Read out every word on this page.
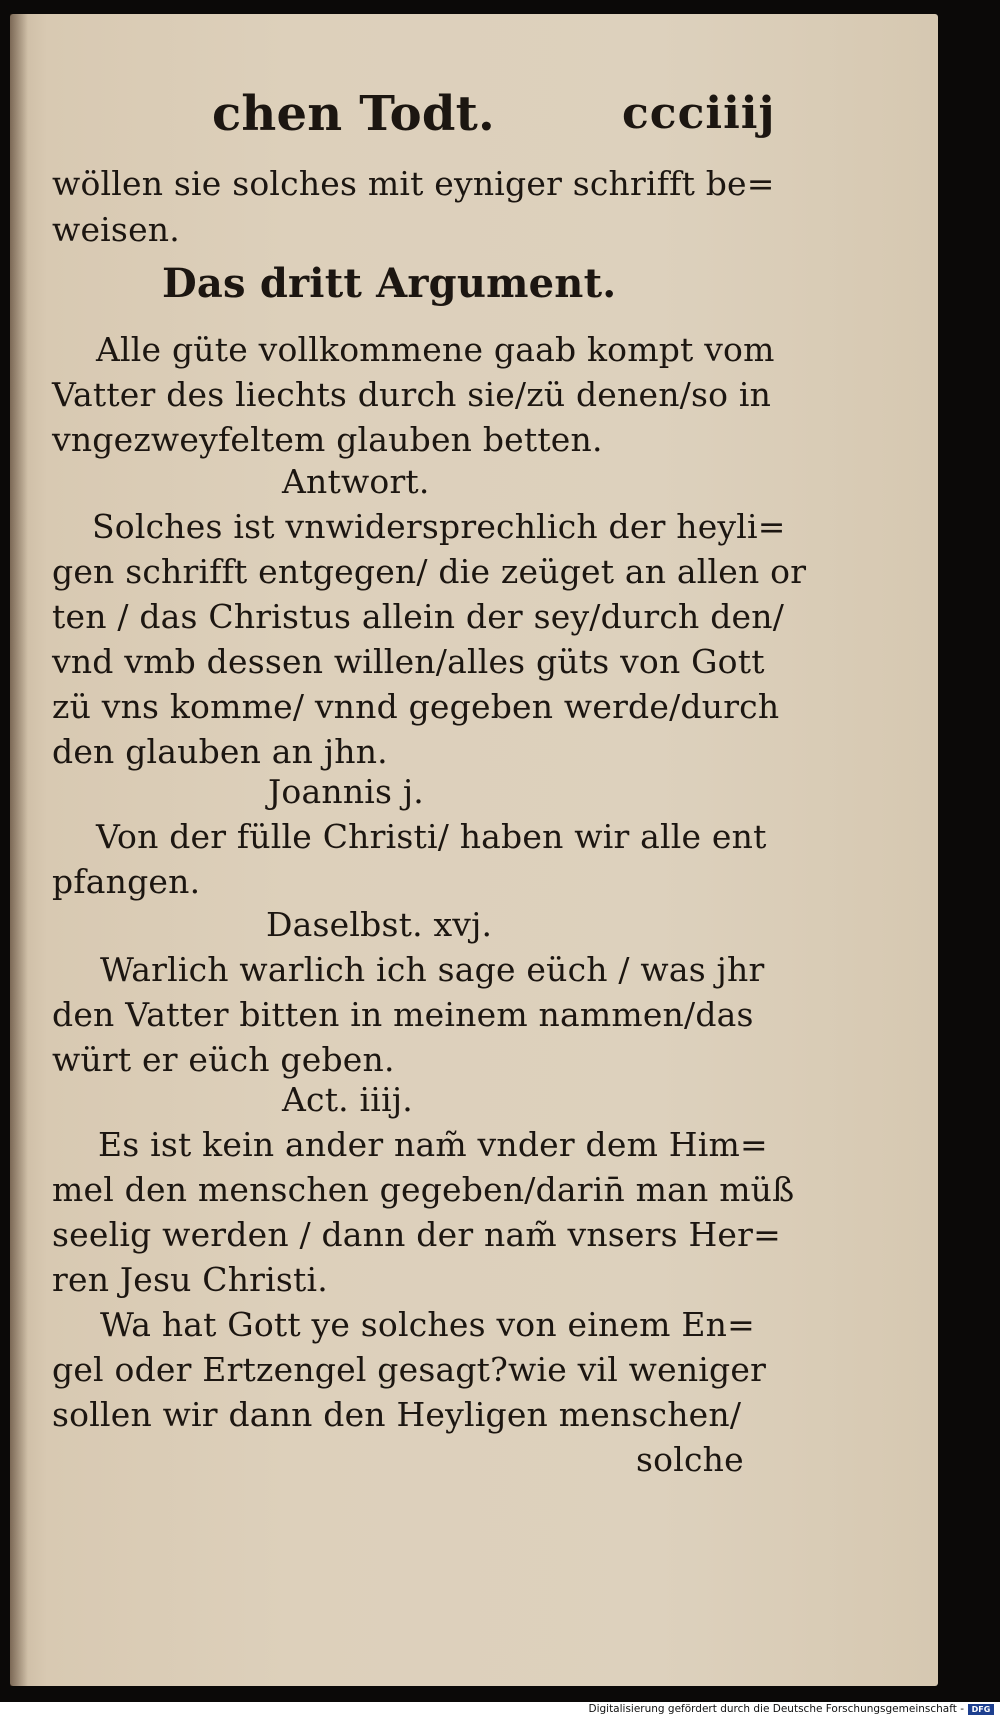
chen Todt.	ccciiij
wöllen sie solches mit eyniger schrifft be=
weisen.
Das dritt Argument.
Alle güte vollkommene gaab kompt vom
Vatter des liechts durch sie/zü denen/so in
vngezweyfeltem glauben betten.
Antwort.
Solches ist vnwidersprechlich der heyli=
gen schrifft entgegen/ die zeüget an allen or
ten / das Christus allein der sey/durch den/
vnd vmb dessen willen/alles güts von Gott
zü vns komme/ vnnd gegeben werde/durch
den glauben an jhn.
Joannis j.
Von der fülle Christi/ haben wir alle ent
pfangen.
Daselbst. xvj.
Warlich warlich ich sage eüch / was jhr
den Vatter bitten in meinem nammen/das
würt er eüch geben.
Act. iiij.
Es ist kein ander nam̃ vnder dem Him=
mel den menschen gegeben/darin̄ man müß
seelig werden / dann der nam̃ vnsers Her=
ren Jesu Christi.
Wa hat Gott ye solches von einem En=
gel oder Ertzengel gesagt?wie vil weniger
sollen wir dann den Heyligen menschen/
solche
Digitalisierung gefördert durch die Deutsche Forschungsgemeinschaft - DFG
